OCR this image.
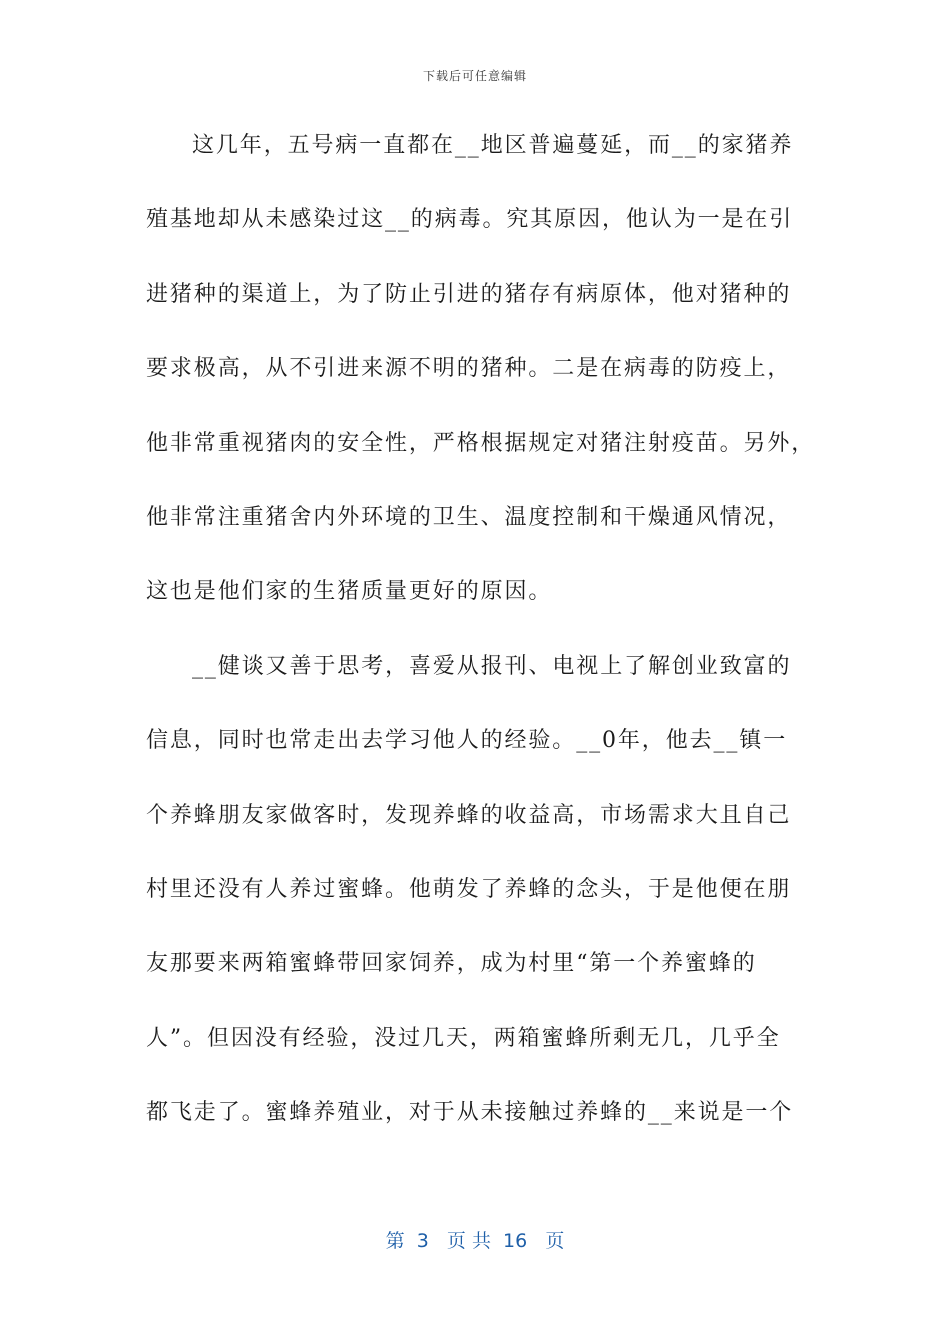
下载后可任意编辑
这几年，五号病一直都在__地区普遍蔓延，而__的家猪养
殖基地却从未感染过这__的病毒。究其原因，他认为一是在引
进猪种的渠道上，为了防止引进的猪存有病原体，他对猪种的
要求极高，从不引进来源不明的猪种。二是在病毒的防疫上，
他非常重视猪肉的安全性，严格根据规定对猪注射疫苗。另外，
他非常注重猪舍内外环境的卫生、温度控制和干燥通风情况，
这也是他们家的生猪质量更好的原因。
__健谈又善于思考，喜爱从报刊、电视上了解创业致富的
信息，同时也常走出去学习他人的经验。__0年，他去__镇一
个养蜂朋友家做客时，发现养蜂的收益高，市场需求大且自己
村里还没有人养过蜜蜂。他萌发了养蜂的念头，于是他便在朋
友那要来两箱蜜蜂带回家饲养，成为村里“第一个养蜜蜂的
人”。但因没有经验，没过几天，两箱蜜蜂所剩无几，几乎全
都飞走了。蜜蜂养殖业，对于从未接触过养蜂的__来说是一个
第  3   页 共  16   页
